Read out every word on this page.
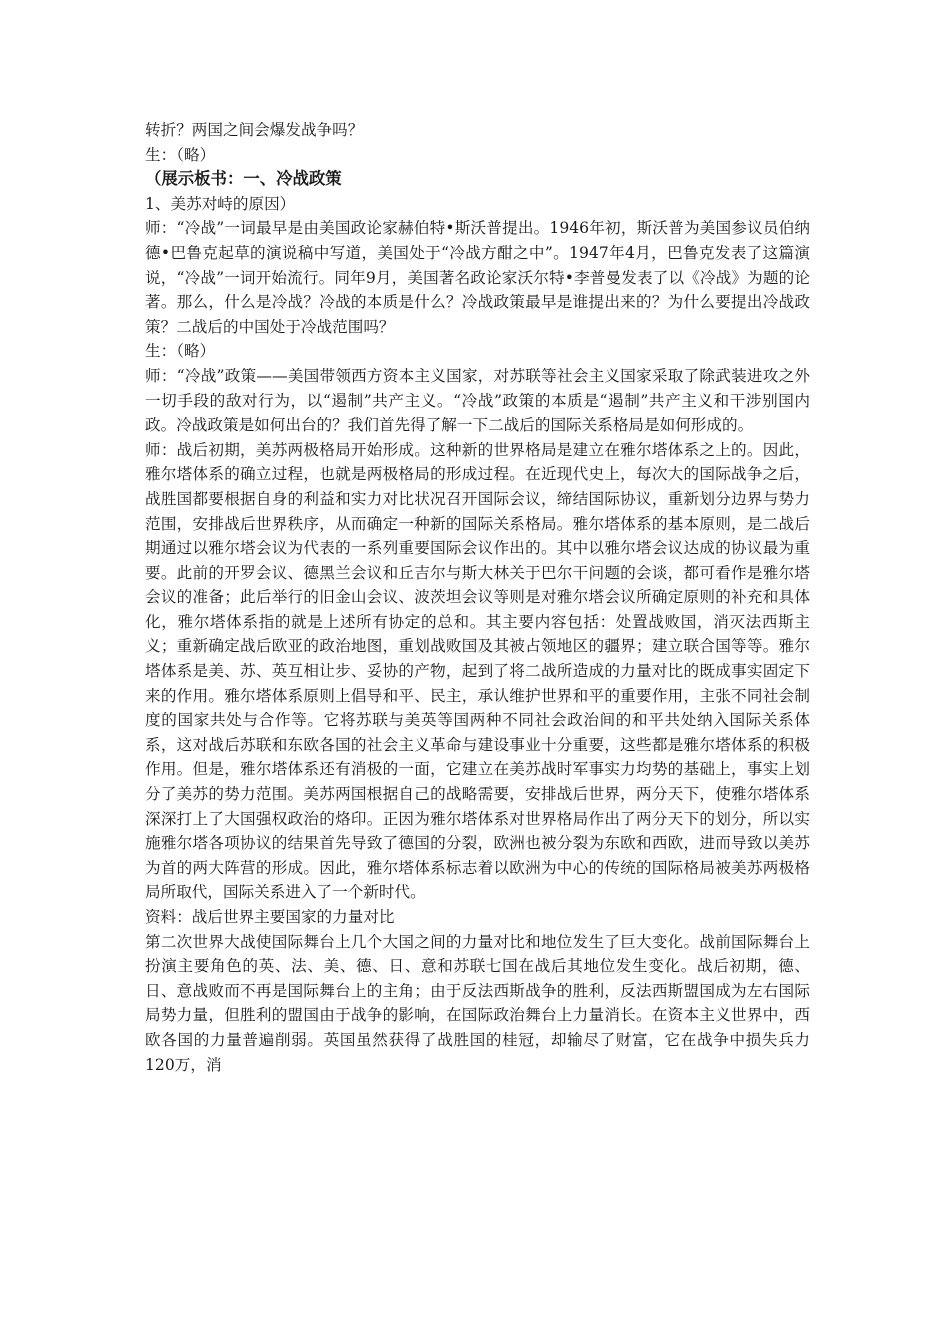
转折？两国之间会爆发战争吗？

生：（略）

（展示板书：一、冷战政策

1、美苏对峙的原因）

师：“冷战”一词最早是由美国政论家赫伯特•斯沃普提出。1946年初，斯沃普为美国参议员伯纳德•巴鲁克起草的演说稿中写道，美国处于“冷战方酣之中”。1947年4月，巴鲁克发表了这篇演说，“冷战”一词开始流行。同年9月，美国著名政论家沃尔特•李普曼发表了以《冷战》为题的论著。那么，什么是冷战？冷战的本质是什么？冷战政策最早是谁提出来的？为什么要提出冷战政策？二战后的中国处于冷战范围吗？

生：（略）

师：“冷战”政策——美国带领西方资本主义国家，对苏联等社会主义国家采取了除武装进攻之外一切手段的敌对行为，以“遏制”共产主义。“冷战”政策的本质是“遏制”共产主义和干涉别国内政。冷战政策是如何出台的？我们首先得了解一下二战后的国际关系格局是如何形成的。

师：战后初期，美苏两极格局开始形成。这种新的世界格局是建立在雅尔塔体系之上的。因此，雅尔塔体系的确立过程，也就是两极格局的形成过程。在近现代史上，每次大的国际战争之后，战胜国都要根据自身的利益和实力对比状况召开国际会议，缔结国际协议，重新划分边界与势力范围，安排战后世界秩序，从而确定一种新的国际关系格局。雅尔塔体系的基本原则，是二战后期通过以雅尔塔会议为代表的一系列重要国际会议作出的。其中以雅尔塔会议达成的协议最为重要。此前的开罗会议、德黑兰会议和丘吉尔与斯大林关于巴尔干问题的会谈，都可看作是雅尔塔会议的准备；此后举行的旧金山会议、波茨坦会议等则是对雅尔塔会议所确定原则的补充和具体化，雅尔塔体系指的就是上述所有协定的总和。其主要内容包括：处置战败国，消灭法西斯主义；重新确定战后欧亚的政治地图，重划战败国及其被占领地区的疆界；建立联合国等等。雅尔塔体系是美、苏、英互相让步、妥协的产物，起到了将二战所造成的力量对比的既成事实固定下来的作用。雅尔塔体系原则上倡导和平、民主，承认维护世界和平的重要作用，主张不同社会制度的国家共处与合作等。它将苏联与美英等国两种不同社会政治间的和平共处纳入国际关系体系，这对战后苏联和东欧各国的社会主义革命与建设事业十分重要，这些都是雅尔塔体系的积极作用。但是，雅尔塔体系还有消极的一面，它建立在美苏战时军事实力均势的基础上，事实上划分了美苏的势力范围。美苏两国根据自己的战略需要，安排战后世界，两分天下，使雅尔塔体系深深打上了大国强权政治的烙印。正因为雅尔塔体系对世界格局作出了两分天下的划分，所以实施雅尔塔各项协议的结果首先导致了德国的分裂，欧洲也被分裂为东欧和西欧，进而导致以美苏为首的两大阵营的形成。因此，雅尔塔体系标志着以欧洲为中心的传统的国际格局被美苏两极格局所取代，国际关系进入了一个新时代。

资料：战后世界主要国家的力量对比

第二次世界大战使国际舞台上几个大国之间的力量对比和地位发生了巨大变化。战前国际舞台上扮演主要角色的英、法、美、德、日、意和苏联七国在战后其地位发生变化。战后初期，德、日、意战败而不再是国际舞台上的主角；由于反法西斯战争的胜利，反法西斯盟国成为左右国际局势力量，但胜利的盟国由于战争的影响，在国际政治舞台上力量消长。在资本主义世界中，西欧各国的力量普遍削弱。英国虽然获得了战胜国的桂冠，却输尽了财富，它在战争中损失兵力120万，消
